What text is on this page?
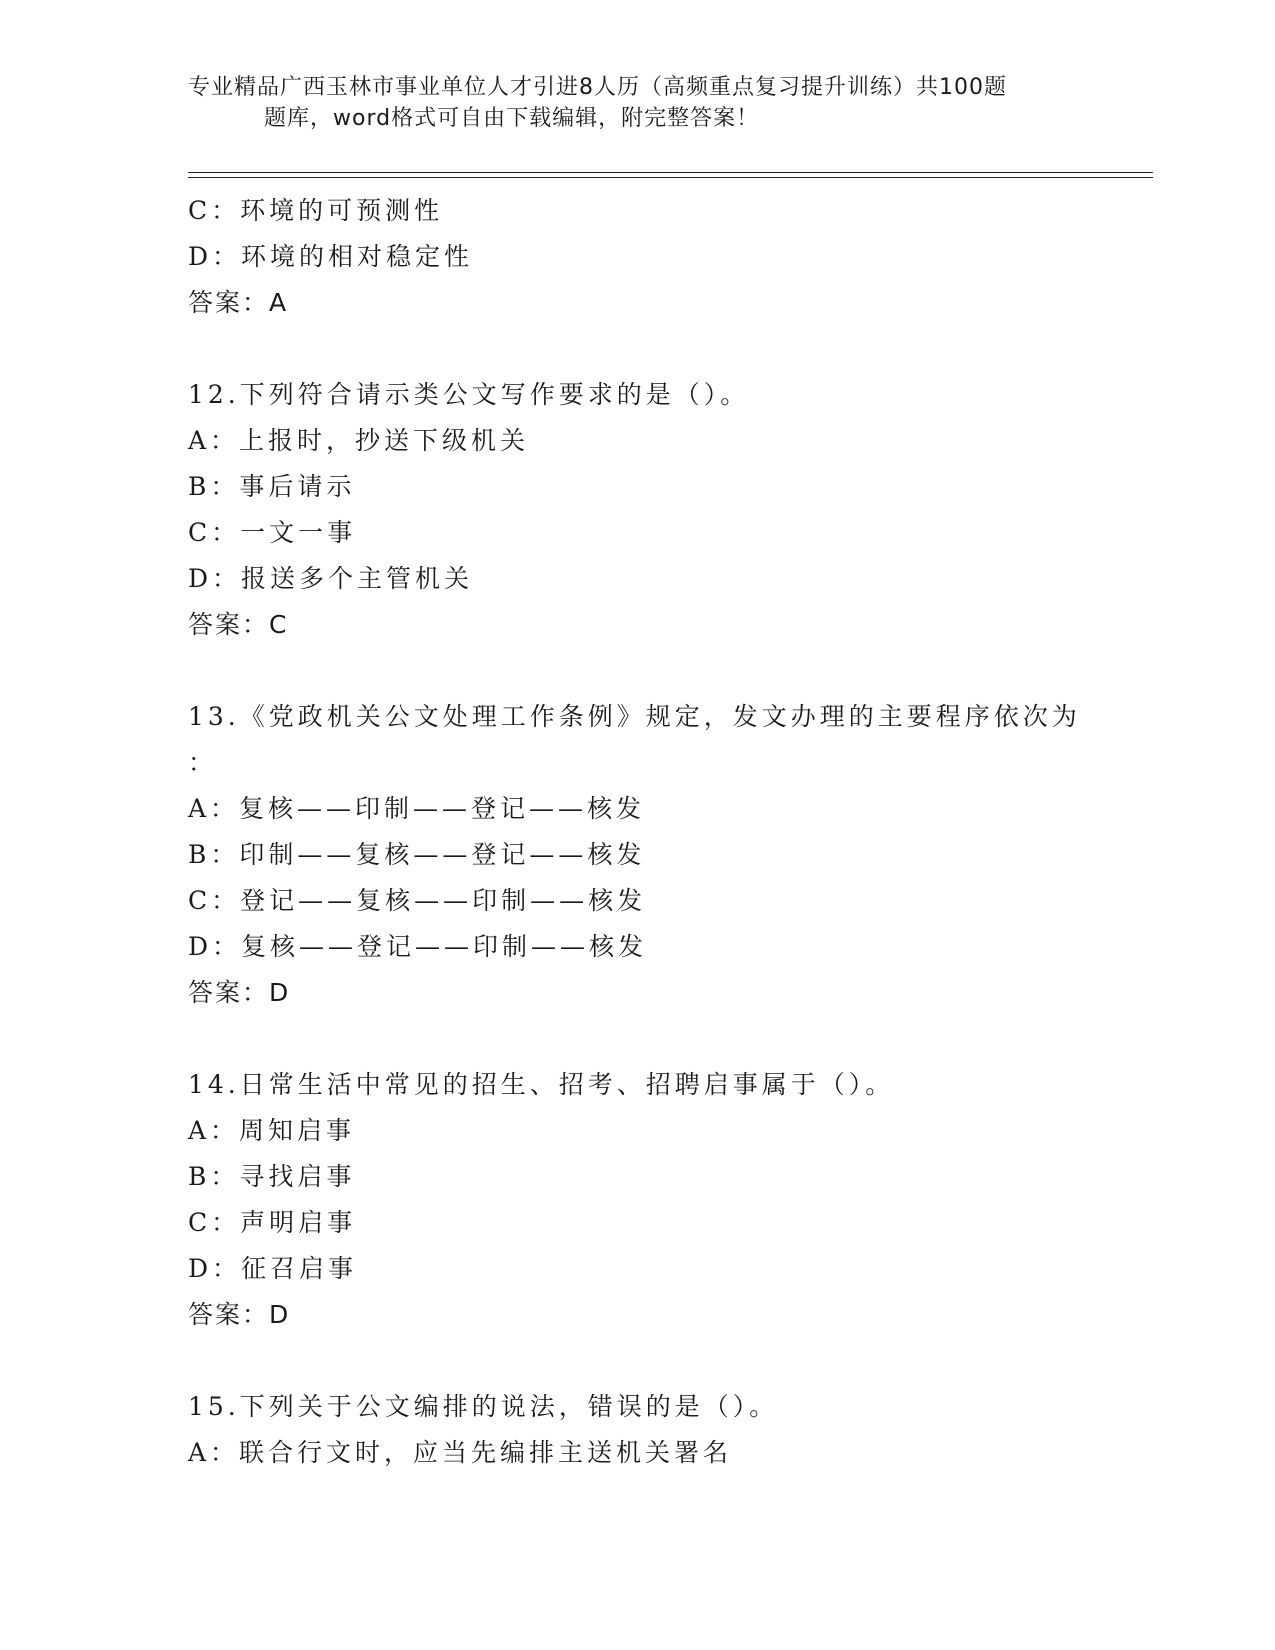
专业精品广西玉林市事业单位人才引进8人历（高频重点复习提升训练）共100题
题库，word格式可自由下载编辑，附完整答案！
C：环境的可预测性
D：环境的相对稳定性
答案：A
12.下列符合请示类公文写作要求的是（）。
A：上报时，抄送下级机关
B：事后请示
C：一文一事
D：报送多个主管机关
答案：C
13.《党政机关公文处理工作条例》规定，发文办理的主要程序依次为
：
A：复核——印制——登记——核发
B：印制——复核——登记——核发
C：登记——复核——印制——核发
D：复核——登记——印制——核发
答案：D
14.日常生活中常见的招生、招考、招聘启事属于（）。
A：周知启事
B：寻找启事
C：声明启事
D：征召启事
答案：D
15.下列关于公文编排的说法，错误的是（）。
A：联合行文时，应当先编排主送机关署名
